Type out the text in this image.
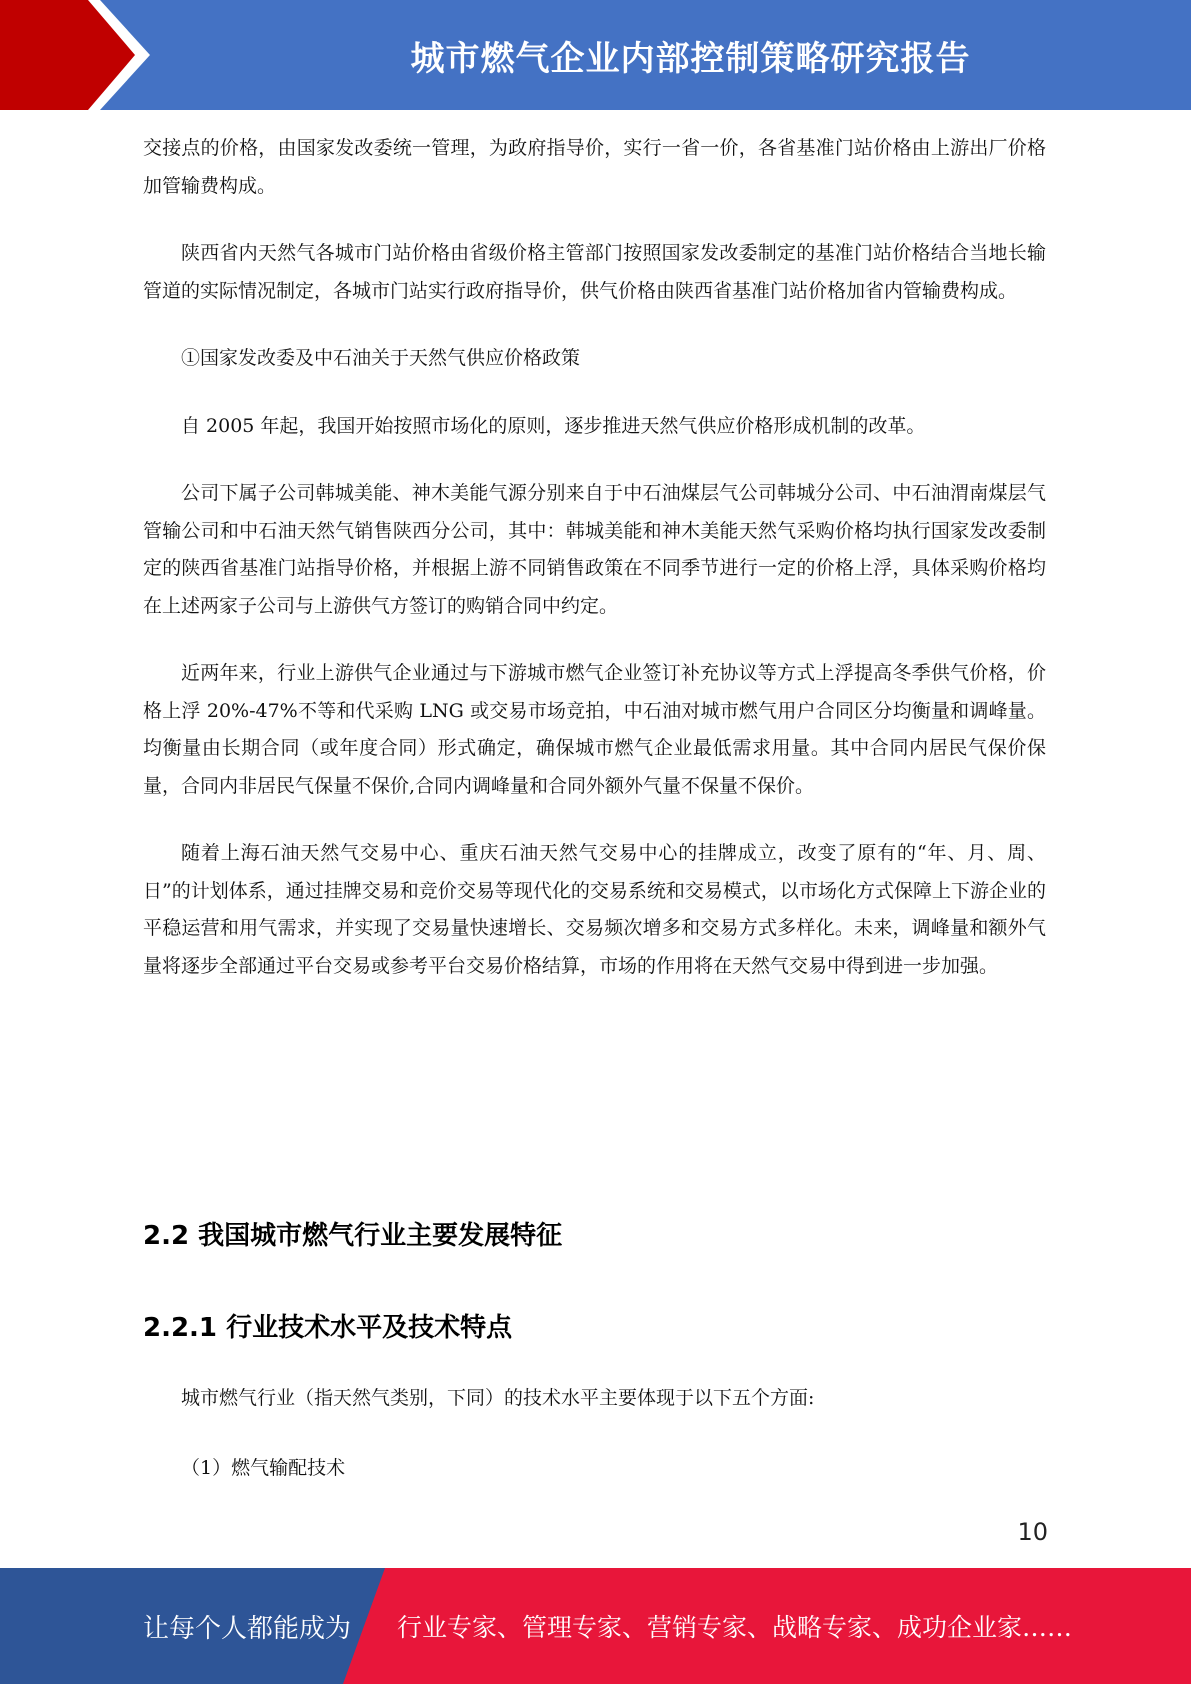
城市燃气企业内部控制策略研究报告

交接点的价格，由国家发改委统一管理，为政府指导价，实行一省一价，各省基准门站价格由上游出厂价格加管输费构成。

陕西省内天然气各城市门站价格由省级价格主管部门按照国家发改委制定的基准门站价格结合当地长输管道的实际情况制定，各城市门站实行政府指导价，供气价格由陕西省基准门站价格加省内管输费构成。

①国家发改委及中石油关于天然气供应价格政策

自 2005 年起，我国开始按照市场化的原则，逐步推进天然气供应价格形成机制的改革。

公司下属子公司韩城美能、神木美能气源分别来自于中石油煤层气公司韩城分公司、中石油渭南煤层气管输公司和中石油天然气销售陕西分公司，其中：韩城美能和神木美能天然气采购价格均执行国家发改委制定的陕西省基准门站指导价格，并根据上游不同销售政策在不同季节进行一定的价格上浮，具体采购价格均在上述两家子公司与上游供气方签订的购销合同中约定。

近两年来，行业上游供气企业通过与下游城市燃气企业签订补充协议等方式上浮提高冬季供气价格，价格上浮 20%-47%不等和代采购 LNG 或交易市场竞拍，中石油对城市燃气用户合同区分均衡量和调峰量。均衡量由长期合同（或年度合同）形式确定，确保城市燃气企业最低需求用量。其中合同内居民气保价保量，合同内非居民气保量不保价,合同内调峰量和合同外额外气量不保量不保价。

随着上海石油天然气交易中心、重庆石油天然气交易中心的挂牌成立，改变了原有的“年、月、周、日”的计划体系，通过挂牌交易和竞价交易等现代化的交易系统和交易模式，以市场化方式保障上下游企业的平稳运营和用气需求，并实现了交易量快速增长、交易频次增多和交易方式多样化。未来，调峰量和额外气量将逐步全部通过平台交易或参考平台交易价格结算，市场的作用将在天然气交易中得到进一步加强。

2.2 我国城市燃气行业主要发展特征
2.2.1 行业技术水平及技术特点

城市燃气行业（指天然气类别，下同）的技术水平主要体现于以下五个方面:

（1）燃气输配技术

10
让每个人都能成为 行业专家、管理专家、营销专家、战略专家、成功企业家……
